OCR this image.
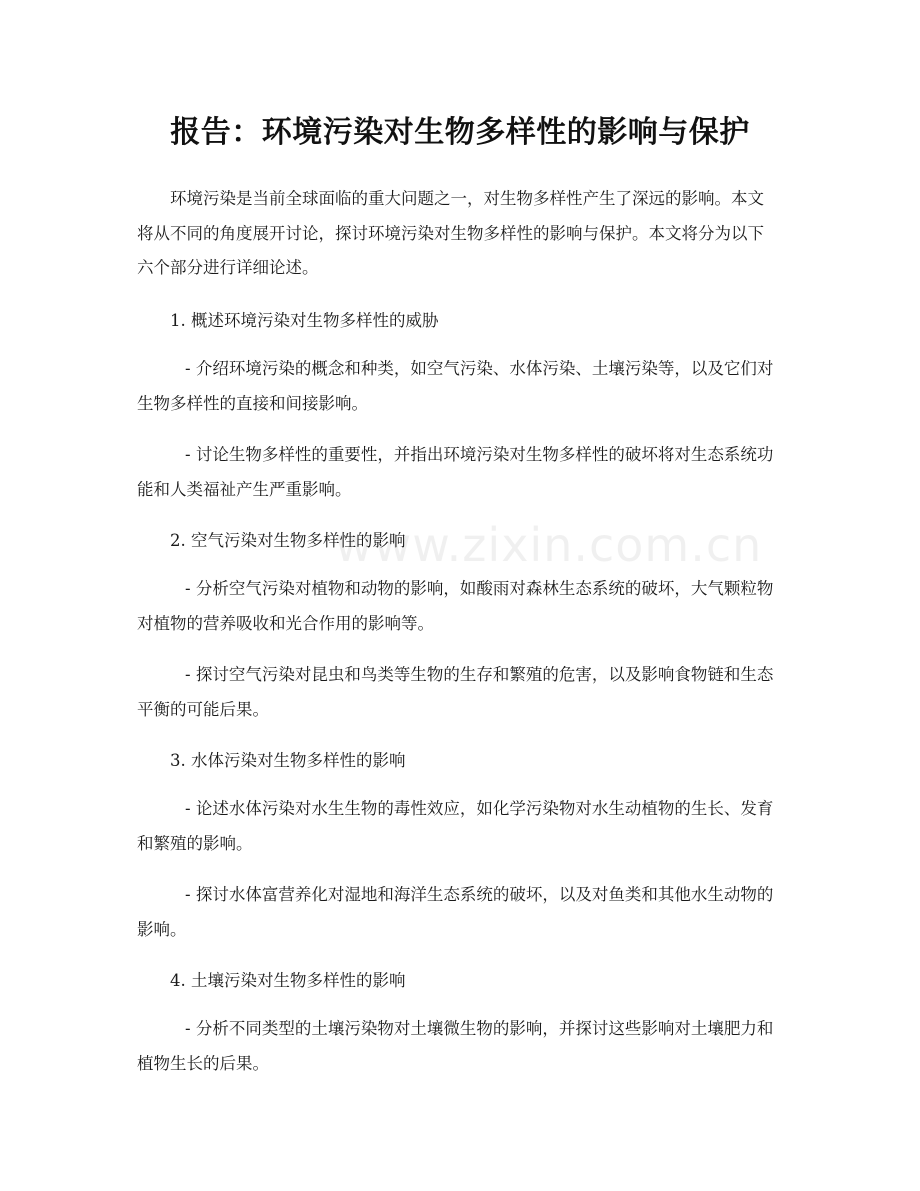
报告：环境污染对生物多样性的影响与保护

环境污染是当前全球面临的重大问题之一，对生物多样性产生了深远的影响。本文将从不同的角度展开讨论，探讨环境污染对生物多样性的影响与保护。本文将分为以下六个部分进行详细论述。

1. 概述环境污染对生物多样性的威胁

- 介绍环境污染的概念和种类，如空气污染、水体污染、土壤污染等，以及它们对生物多样性的直接和间接影响。

- 讨论生物多样性的重要性，并指出环境污染对生物多样性的破坏将对生态系统功能和人类福祉产生严重影响。

2. 空气污染对生物多样性的影响

- 分析空气污染对植物和动物的影响，如酸雨对森林生态系统的破坏，大气颗粒物对植物的营养吸收和光合作用的影响等。

- 探讨空气污染对昆虫和鸟类等生物的生存和繁殖的危害，以及影响食物链和生态平衡的可能后果。

3. 水体污染对生物多样性的影响

- 论述水体污染对水生生物的毒性效应，如化学污染物对水生动植物的生长、发育和繁殖的影响。

- 探讨水体富营养化对湿地和海洋生态系统的破坏，以及对鱼类和其他水生动物的影响。

4. 土壤污染对生物多样性的影响

- 分析不同类型的土壤污染物对土壤微生物的影响，并探讨这些影响对土壤肥力和植物生长的后果。

www.zixin.com.cn
